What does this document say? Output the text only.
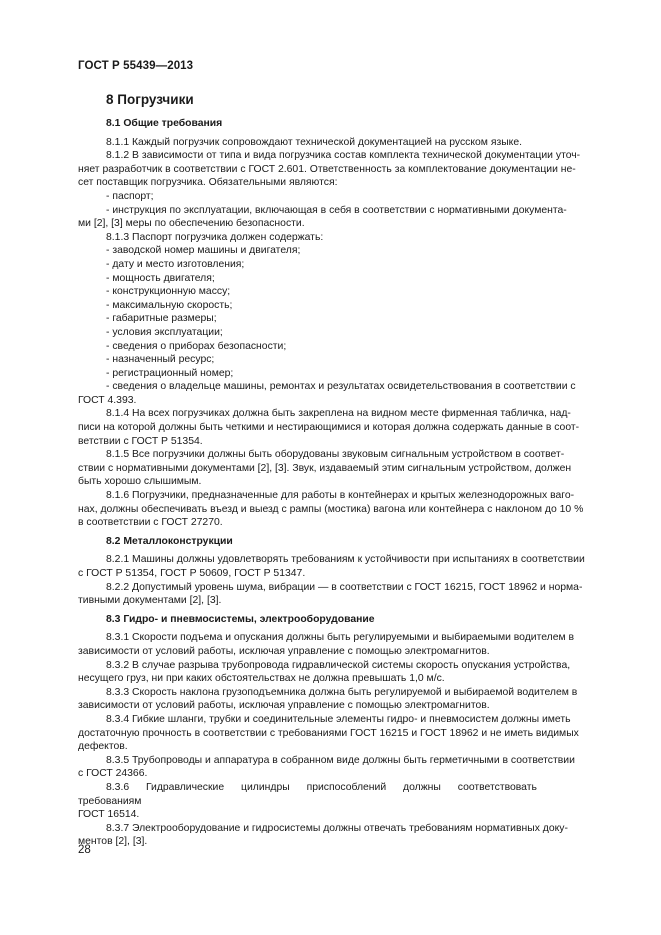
ГОСТ Р 55439—2013
8 Погрузчики

8.1 Общие требования

8.1.1 Каждый погрузчик сопровождают технической документацией на русском языке.

8.1.2 В зависимости от типа и вида погрузчика состав комплекта технической документации уточ-

няет разработчик в соответствии с ГОСТ 2.601. Ответственность за комплектование документации не-

сет поставщик погрузчика. Обязательными являются:

- паспорт;

- инструкция по эксплуатации, включающая в себя в соответствии с нормативными документа-

ми [2], [3] меры по обеспечению безопасности.

8.1.3 Паспорт погрузчика должен содержать:

- заводской номер машины и двигателя;

- дату и место изготовления;

- мощность двигателя;

- конструкционную массу;

- максимальную скорость;

- габаритные размеры;

- условия эксплуатации;

- сведения о приборах безопасности;

- назначенный ресурс;

- регистрационный номер;

- сведения о владельце машины, ремонтах и результатах освидетельствования в соответствии с

ГОСТ 4.393.

8.1.4 На всех погрузчиках должна быть закреплена на видном месте фирменная табличка, над-

писи на которой должны быть четкими и нестирающимися и которая должна содержать данные в соот-

ветствии с ГОСТ Р 51354.

8.1.5 Все погрузчики должны быть оборудованы звуковым сигнальным устройством в соответ-

ствии с нормативными документами [2], [3]. Звук, издаваемый этим сигнальным устройством, должен

быть хорошо слышимым.

8.1.6 Погрузчики, предназначенные для работы в контейнерах и крытых железнодорожных ваго-

нах, должны обеспечивать въезд и выезд с рампы (мостика) вагона или контейнера с наклоном до 10 %

в соответствии с ГОСТ 27270.

8.2 Металлоконструкции

8.2.1 Машины должны удовлетворять требованиям к устойчивости при испытаниях в соответствии

с ГОСТ Р 51354, ГОСТ Р 50609, ГОСТ Р 51347.

8.2.2 Допустимый уровень шума, вибрации — в соответствии с ГОСТ 16215, ГОСТ 18962 и норма-

тивными документами [2], [3].

8.3 Гидро- и пневмосистемы, электрооборудование

8.3.1 Скорости подъема и опускания должны быть регулируемыми и выбираемыми водителем в

зависимости от условий работы, исключая управление с помощью электромагнитов.

8.3.2 В случае разрыва трубопровода гидравлической системы скорость опускания устройства,

несущего груз, ни при каких обстоятельствах не должна превышать 1,0 м/с.

8.3.3 Скорость наклона грузоподъемника должна быть регулируемой и выбираемой водителем в

зависимости от условий работы, исключая управление с помощью электромагнитов.

8.3.4 Гибкие шланги, трубки и соединительные элементы гидро- и пневмосистем должны иметь

достаточную прочность в соответствии с требованиями ГОСТ 16215 и ГОСТ 18962 и не иметь видимых

дефектов.

8.3.5 Трубопроводы и аппаратура в собранном виде должны быть герметичными в соответствии

с ГОСТ 24366.

8.3.6 Гидравлические цилиндры приспособлений должны соответствовать требованиям

ГОСТ 16514.

8.3.7 Электрооборудование и гидросистемы должны отвечать требованиям нормативных доку-

ментов [2], [3].

28
